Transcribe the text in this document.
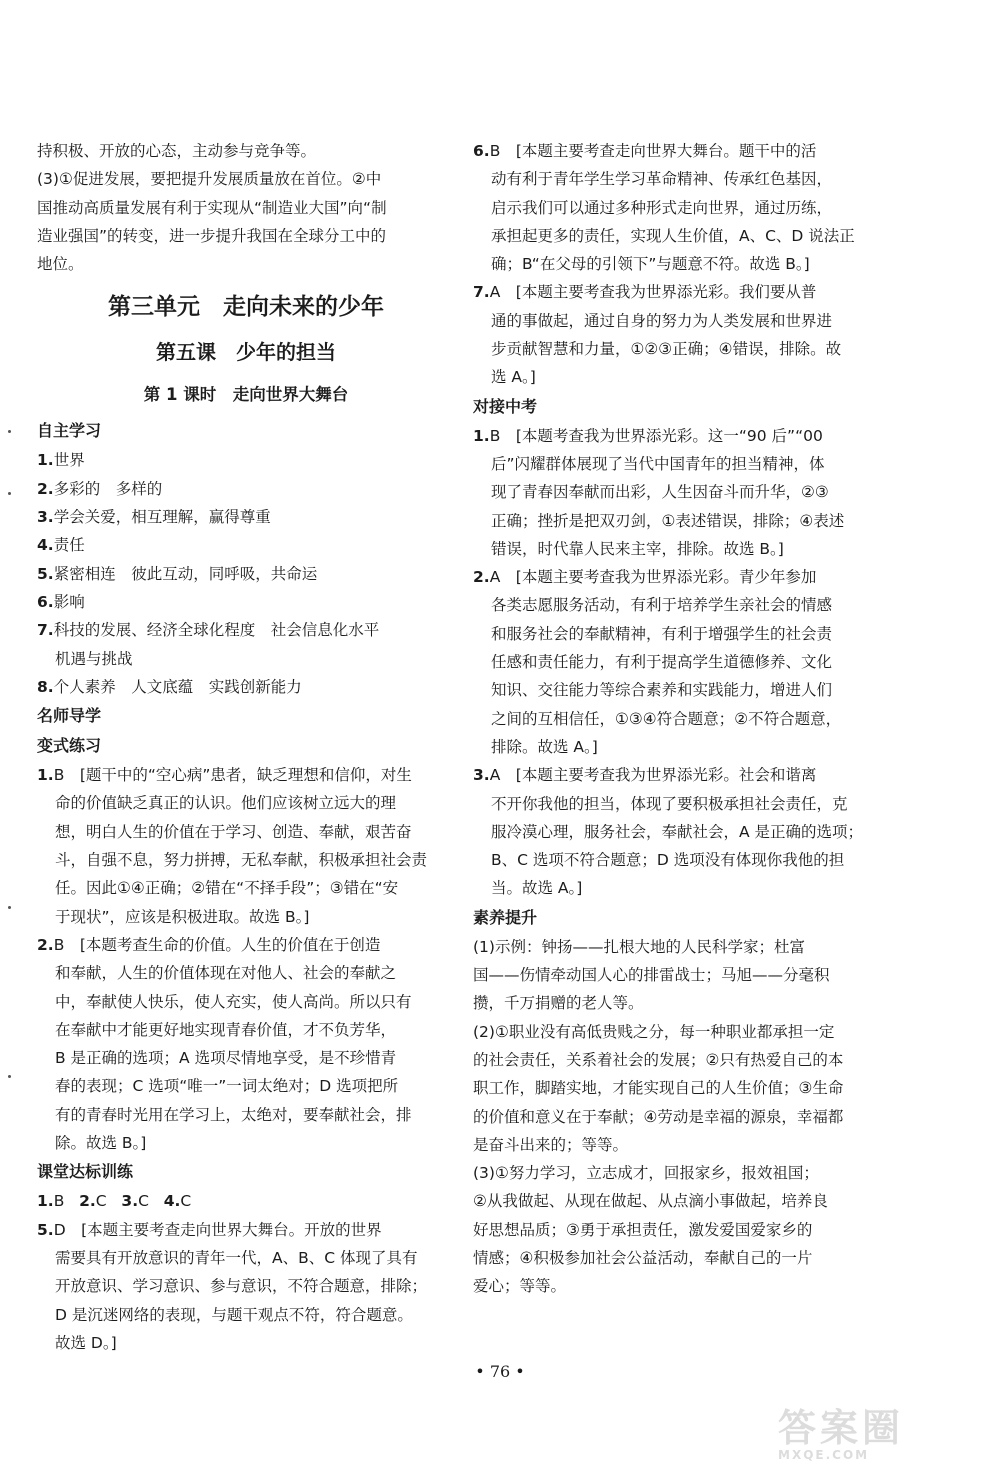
持积极、开放的心态，主动参与竞争等。
(3)①促进发展，要把提升发展质量放在首位。②中
国推动高质量发展有利于实现从“制造业大国”向“制
造业强国”的转变，进一步提升我国在全球分工中的
地位。
第三单元　走向未来的少年
第五课　少年的担当
第 1 课时　走向世界大舞台
自主学习
1.世界
2.多彩的　多样的
3.学会关爱，相互理解，赢得尊重
4.责任
5.紧密相连　彼此互动，同呼吸，共命运
6.影响
7.科技的发展、经济全球化程度　社会信息化水平
机遇与挑战
8.个人素养　人文底蕴　实践创新能力
名师导学
变式练习
1.B　[题干中的“空心病”患者，缺乏理想和信仰，对生
命的价值缺乏真正的认识。他们应该树立远大的理
想，明白人生的价值在于学习、创造、奉献，艰苦奋
斗，自强不息，努力拼搏，无私奉献，积极承担社会责
任。因此①④正确；②错在“不择手段”；③错在“安
于现状”，应该是积极进取。故选 B。]
2.B　[本题考查生命的价值。人生的价值在于创造
和奉献，人生的价值体现在对他人、社会的奉献之
中，奉献使人快乐，使人充实，使人高尚。所以只有
在奉献中才能更好地实现青春价值，才不负芳华，
B 是正确的选项；A 选项尽情地享受，是不珍惜青
春的表现；C 选项“唯一”一词太绝对；D 选项把所
有的青春时光用在学习上，太绝对，要奉献社会，排
除。故选 B。]
课堂达标训练
1.B 2.C 3.C 4.C
5.D　[本题主要考查走向世界大舞台。开放的世界
需要具有开放意识的青年一代，A、B、C 体现了具有
开放意识、学习意识、参与意识，不符合题意，排除；
D 是沉迷网络的表现，与题干观点不符，符合题意。
故选 D。]
6.B　[本题主要考查走向世界大舞台。题干中的活
动有利于青年学生学习革命精神、传承红色基因，
启示我们可以通过多种形式走向世界，通过历练，
承担起更多的责任，实现人生价值，A、C、D 说法正
确；B“在父母的引领下”与题意不符。故选 B。]
7.A　[本题主要考查我为世界添光彩。我们要从普
通的事做起，通过自身的努力为人类发展和世界进
步贡献智慧和力量，①②③正确；④错误，排除。故
选 A。]
对接中考
1.B　[本题考查我为世界添光彩。这一“90 后”“00
后”闪耀群体展现了当代中国青年的担当精神，体
现了青春因奉献而出彩，人生因奋斗而升华，②③
正确；挫折是把双刃剑，①表述错误，排除；④表述
错误，时代靠人民来主宰，排除。故选 B。]
2.A　[本题主要考查我为世界添光彩。青少年参加
各类志愿服务活动，有利于培养学生亲社会的情感
和服务社会的奉献精神，有利于增强学生的社会责
任感和责任能力，有利于提高学生道德修养、文化
知识、交往能力等综合素养和实践能力，增进人们
之间的互相信任，①③④符合题意；②不符合题意，
排除。故选 A。]
3.A　[本题主要考查我为世界添光彩。社会和谐离
不开你我他的担当，体现了要积极承担社会责任，克
服冷漠心理，服务社会，奉献社会，A 是正确的选项；
B、C 选项不符合题意；D 选项没有体现你我他的担
当。故选 A。]
素养提升
(1)示例：钟扬——扎根大地的人民科学家；杜富
国——伤情牵动国人心的排雷战士；马旭——分毫积
攒，千万捐赠的老人等。
(2)①职业没有高低贵贱之分，每一种职业都承担一定
的社会责任，关系着社会的发展；②只有热爱自己的本
职工作，脚踏实地，才能实现自己的人生价值；③生命
的价值和意义在于奉献；④劳动是幸福的源泉，幸福都
是奋斗出来的；等等。
(3)①努力学习，立志成才，回报家乡，报效祖国；
②从我做起、从现在做起、从点滴小事做起，培养良
好思想品质；③勇于承担责任，激发爱国爱家乡的
情感；④积极参加社会公益活动，奉献自己的一片
爱心；等等。
• 76 •
答案圈
MXQE.COM
